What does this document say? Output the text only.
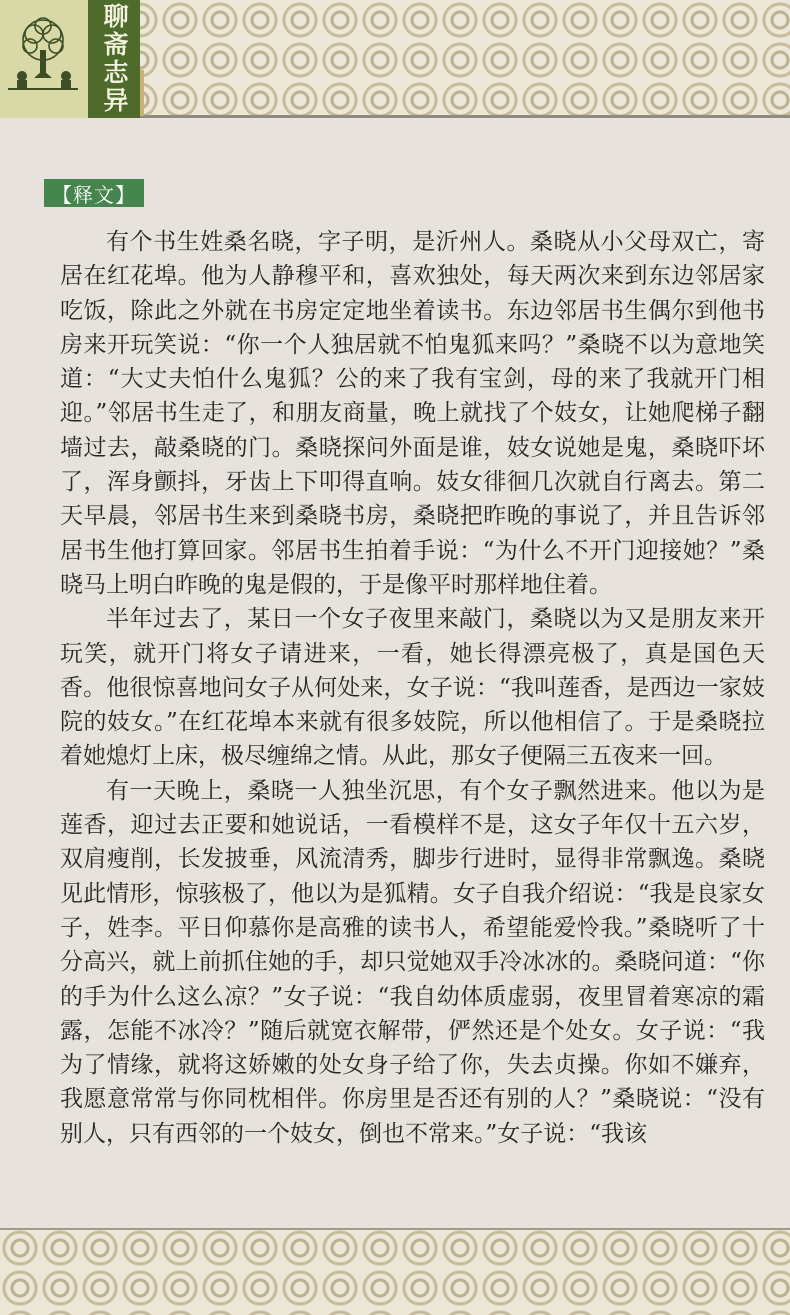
聊斋志异
【释文】

有个书生姓桑名晓，字子明，是沂州人。桑晓从小父母双亡，寄居在红花埠。他为人静穆平和，喜欢独处，每天两次来到东边邻居家吃饭，除此之外就在书房定定地坐着读书。东边邻居书生偶尔到他书房来开玩笑说：“你一个人独居就不怕鬼狐来吗？”桑晓不以为意地笑道：“大丈夫怕什么鬼狐？公的来了我有宝剑，母的来了我就开门相迎。”邻居书生走了，和朋友商量，晚上就找了个妓女，让她爬梯子翻墙过去，敲桑晓的门。桑晓探问外面是谁，妓女说她是鬼，桑晓吓坏了，浑身颤抖，牙齿上下叩得直响。妓女徘徊几次就自行离去。第二天早晨，邻居书生来到桑晓书房，桑晓把昨晚的事说了，并且告诉邻居书生他打算回家。邻居书生拍着手说：“为什么不开门迎接她？”桑晓马上明白昨晚的鬼是假的，于是像平时那样地住着。

半年过去了，某日一个女子夜里来敲门，桑晓以为又是朋友来开玩笑，就开门将女子请进来，一看，她长得漂亮极了，真是国色天香。他很惊喜地问女子从何处来，女子说：“我叫莲香，是西边一家妓院的妓女。”在红花埠本来就有很多妓院，所以他相信了。于是桑晓拉着她熄灯上床，极尽缠绵之情。从此，那女子便隔三五夜来一回。

有一天晚上，桑晓一人独坐沉思，有个女子飘然进来。他以为是莲香，迎过去正要和她说话，一看模样不是，这女子年仅十五六岁，双肩瘦削，长发披垂，风流清秀，脚步行进时，显得非常飘逸。桑晓见此情形，惊骇极了，他以为是狐精。女子自我介绍说：“我是良家女子，姓李。平日仰慕你是高雅的读书人，希望能爱怜我。”桑晓听了十分高兴，就上前抓住她的手，却只觉她双手冷冰冰的。桑晓问道：“你的手为什么这么凉？”女子说：“我自幼体质虚弱，夜里冒着寒凉的霜露，怎能不冰冷？”随后就宽衣解带，俨然还是个处女。女子说：“我为了情缘，就将这娇嫩的处女身子给了你，失去贞操。你如不嫌弃，我愿意常常与你同枕相伴。你房里是否还有别的人？”桑晓说：“没有别人，只有西邻的一个妓女，倒也不常来。”女子说：“我该
